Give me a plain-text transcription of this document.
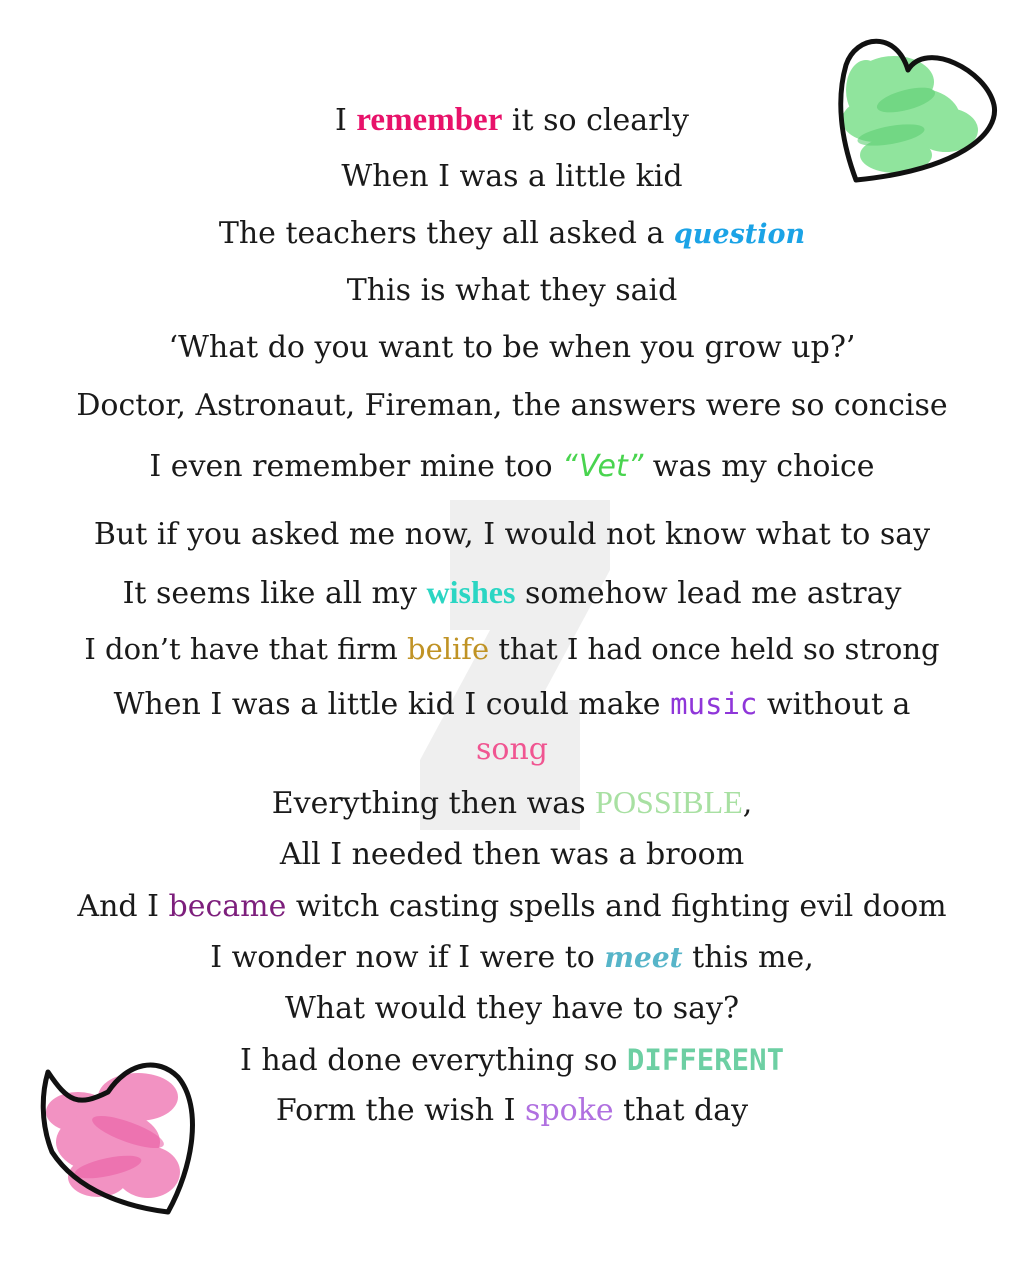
I remember it so clearly
When I was a little kid
The teachers they all asked a question
This is what they said
‘What do you want to be when you grow up?’
Doctor, Astronaut, Fireman, the answers were so concise
I even remember mine too “Vet” was my choice
But if you asked me now, I would not know what to say
It seems like all my wishes somehow lead me astray
I don’t have that firm belife that I had once held so strong
When I was a little kid I could make music without a
song
Everything then was POSSIBLE,
All I needed then was a broom
And I became witch casting spells and fighting evil doom
I wonder now if I were to meet this me,
What would they have to say?
I had done everything so DIFFERENT
Form the wish I spoke that day
